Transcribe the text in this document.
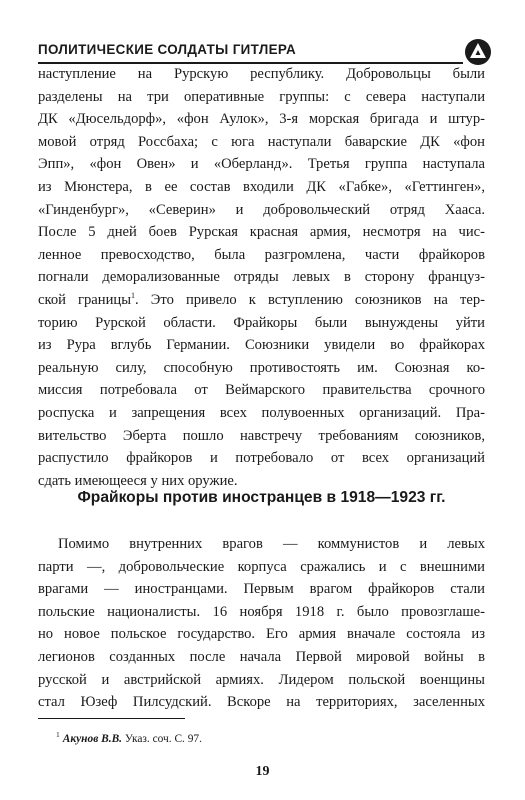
ПОЛИТИЧЕСКИЕ СОЛДАТЫ ГИТЛЕРА
наступление на Рурскую республику. Добровольцы были
разделены на три оперативные группы: с севера наступали
ДК «Дюсельдорф», «фон Аулок», 3-я морская бригада и штур-
мовой отряд Россбаха; с юга наступали баварские ДК «фон
Эпп», «фон Овен» и «Оберланд». Третья группа наступала
из Мюнстера, в ее состав входили ДК «Габке», «Геттинген»,
«Гинденбург», «Северин» и добровольческий отряд Хааса.
После 5 дней боев Рурская красная армия, несмотря на чис-
ленное превосходство, была разгромлена, части фрайкоров
погнали деморализованные отряды левых в сторону француз-
ской границы$^1$. Это привело к вступлению союзников на тер-
торию Рурской области. Фрайкоры были вынуждены уйти
из Рура вглубь Германии. Союзники увидели во фрайкорах
реальную силу, способную противостоять им. Союзная ко-
миссия потребовала от Веймарского правительства срочного
роспуска и запрещения всех полувоенных организаций. Пра-
вительство Эберта пошло навстречу требованиям союзников,
распустило фрайкоров и потребовало от всех организаций
сдать имеющееся у них оружие.
Фрайкоры против иностранцев в 1918—1923 гг.
Помимо внутренних врагов — коммунистов и левых
парти —, добровольческие корпуса сражались и с внешними
врагами — иностранцами. Первым врагом фрайкоров стали
польские националисты. 16 ноября 1918 г. было провозглаше-
но новое польское государство. Его армия вначале состояла из
легионов созданных после начала Первой мировой войны в
русской и австрийской армиях. Лидером польской военщины
стал Юзеф Пилсудский. Вскоре на территориях, заселенных
$^1$ Акунов В.В. Указ. соч. С. 97.
19
